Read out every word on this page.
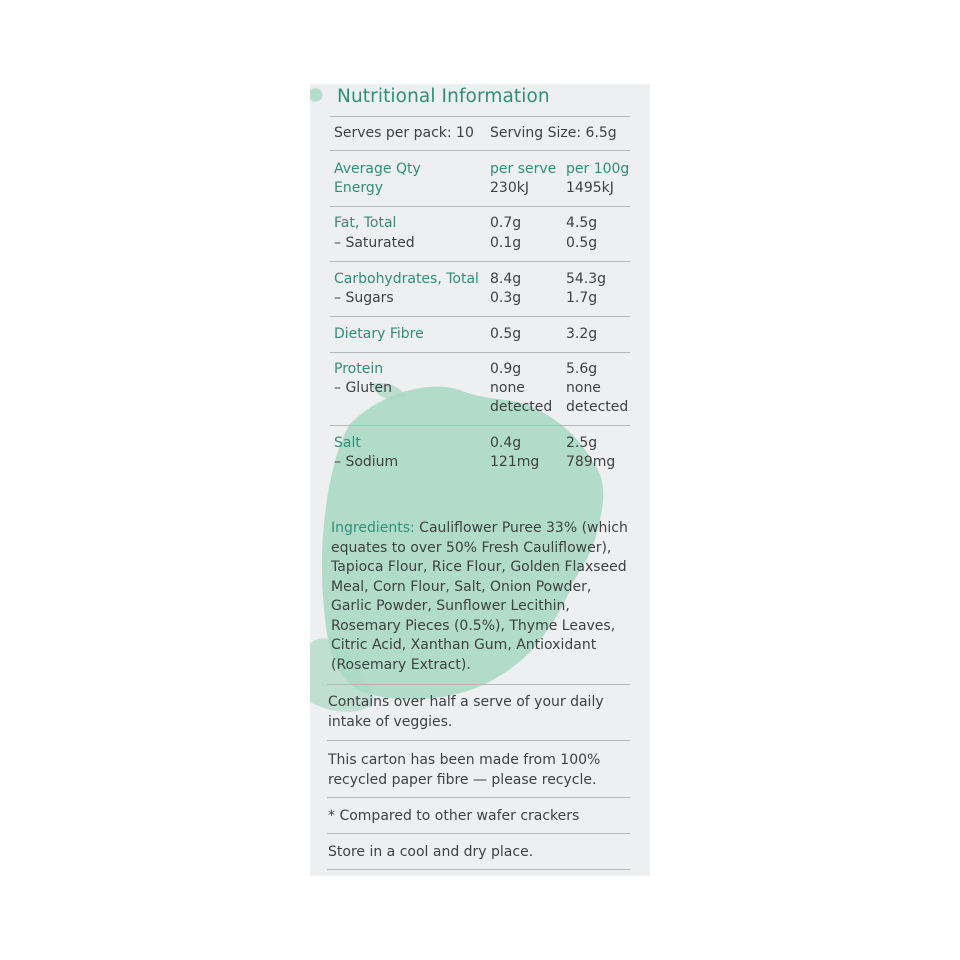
Nutritional Information
Serves per pack: 10 Serving Size: 6.5g
Average Qty	per serve per 100g
Energy	230kJ	1495kJ
Fat, Total	0.7g	4.5g
– Saturated	0.1g	0.5g
Carbohydrates, Total 8.4g	54.3g
– Sugars	0.3g	1.7g
Dietary Fibre	0.5g	3.2g
Protein	0.9g	5.6g
– Gluten	none	none
detected detected
Salt	0.4g	2.5g
– Sodium	121mg 789mg
Ingredients: Cauliflower Puree 33% (which equates to over 50% Fresh Cauliflower), Tapioca Flour, Rice Flour, Golden Flaxseed Meal, Corn Flour, Salt, Onion Powder, Garlic Powder, Sunflower Lecithin, Rosemary Pieces (0.5%), Thyme Leaves, Citric Acid, Xanthan Gum, Antioxidant (Rosemary Extract).
Contains over half a serve of your daily intake of veggies.
This carton has been made from 100% recycled paper fibre — please recycle.
* Compared to other wafer crackers
Store in a cool and dry place.
